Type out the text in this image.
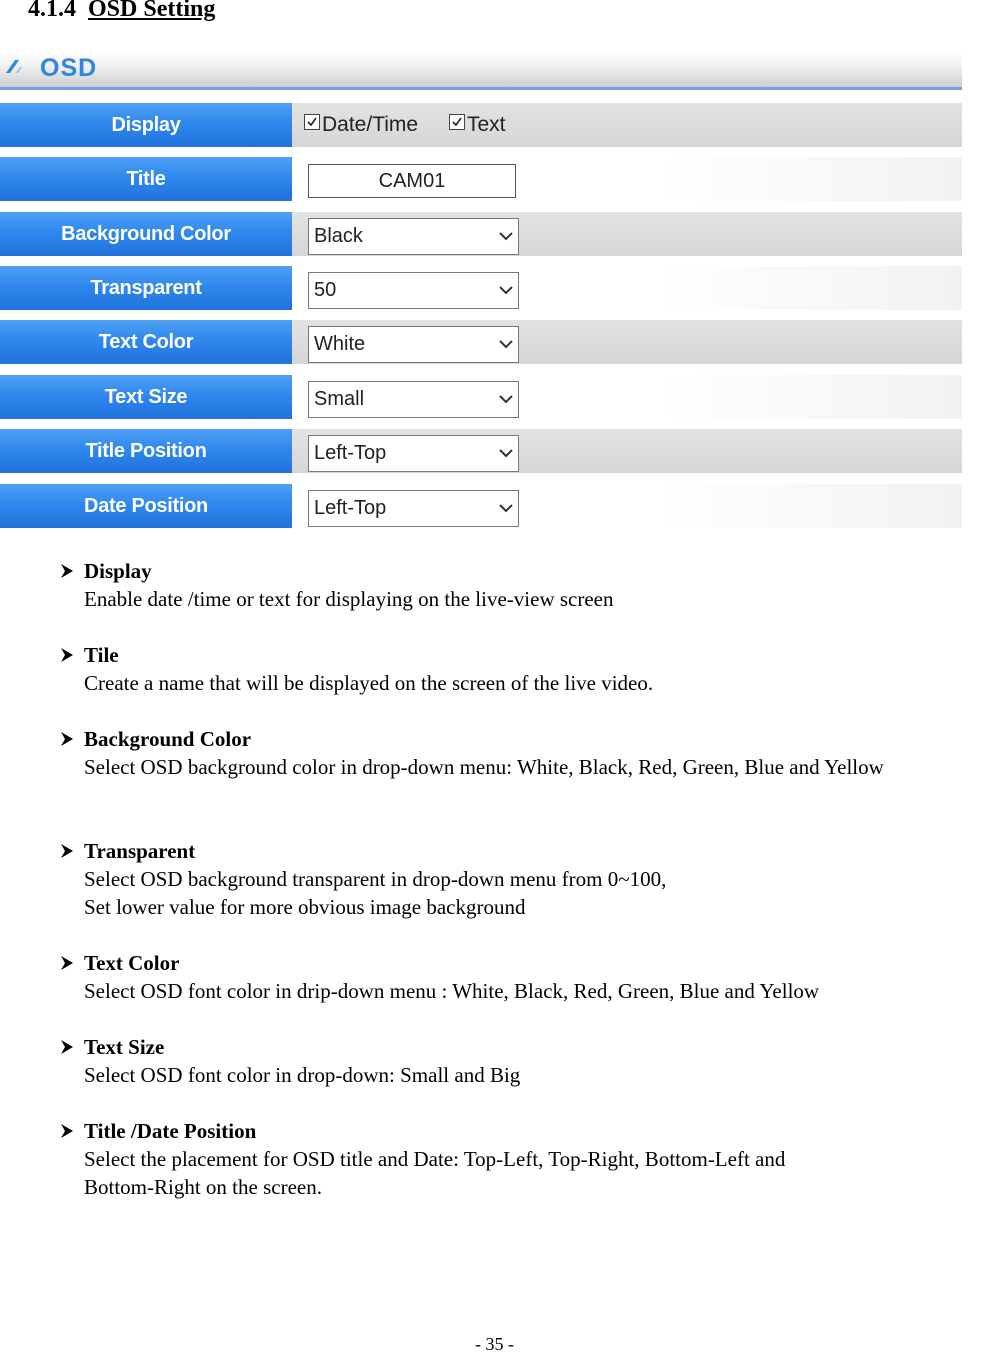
4.1.4 OSD Setting
OSD
Display	Date/Time Text
Title	CAM01
Background Color	Black
Transparent	50
Text Color	White
Text Size	Small
Title Position	Left-Top
Date Position	Left-Top
Display

Enable date /time or text for displaying on the live-view screen

Tile

Create a name that will be displayed on the screen of the live video.

Background Color

Select OSD background color in drop-down menu: White, Black, Red, Green, Blue and Yellow

Transparent

Select OSD background transparent in drop-down menu from 0~100,

Set lower value for more obvious image background

Text Color

Select OSD font color in drip-down menu : White, Black, Red, Green, Blue and Yellow

Text Size

Select OSD font color in drop-down: Small and Big

Title /Date Position

Select the placement for OSD title and Date: Top-Left, Top-Right, Bottom-Left and

Bottom-Right on the screen.

- 35 -
